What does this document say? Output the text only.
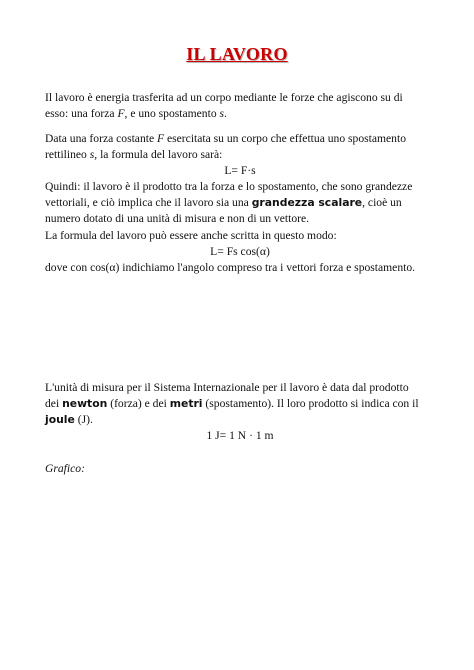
IL LAVORO
Il lavoro è energia trasferita ad un corpo mediante le forze che agiscono su di
esso: una forza F, e uno spostamento s.
Data una forza costante F esercitata su un corpo che effettua uno spostamento
rettilineo s, la formula del lavoro sarà:
L= F·s
Quindi: il lavoro è il prodotto tra la forza e lo spostamento, che sono grandezze
vettoriali, e ciò implica che il lavoro sia una grandezza scalare, cioè un
numero dotato di una unità di misura e non di un vettore.
La formula del lavoro può essere anche scritta in questo modo:
L= Fs cos(α)
dove con cos(α) indichiamo l'angolo compreso tra i vettori forza e spostamento.
L'unità di misura per il Sistema Internazionale per il lavoro è data dal prodotto
dei newton (forza) e dei metri (spostamento). Il loro prodotto si indica con il
joule (J).
1 J= 1 N · 1 m
Grafico:
